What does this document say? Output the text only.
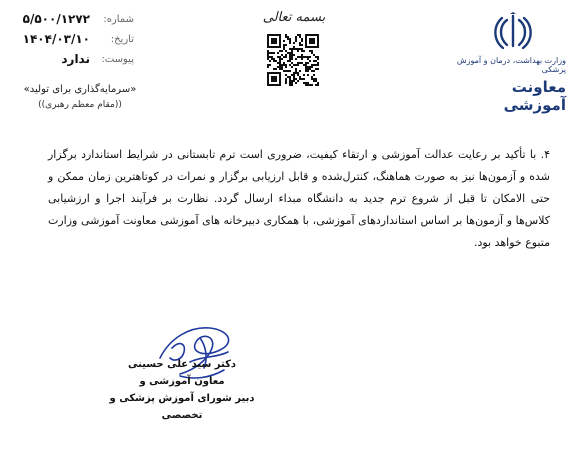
شماره:
۵/۵۰۰/۱۲۷۲
تاریخ:
۱۴۰۴/۰۳/۱۰
پیوست:
ندارد
«سرمایه‌گذاری برای تولید»
((مقام معظم رهبری))
بسمه تعالی
وزارت بهداشت، درمان و آموزش پزشکی
معاونت آموزشی
۴. با تأکید بر رعایت عدالت آموزشی و ارتقاء کیفیت، ضروری است ترم تابستانی در شرایط استاندارد برگزار شده و آزمون‌ها نیز به صورت هماهنگ، کنترل‌شده و قابل ارزیابی برگزار و نمرات در کوتاهترین زمان ممکن و حتی الامکان تا قبل از شروع ترم جدید به دانشگاه مبداء ارسال گردد. نظارت بر فرآیند اجرا و ارزشیابی کلاس‌ها و آزمون‌ها بر اساس استانداردهای آموزشی، با همکاری دبیرخانه های آموزشی معاونت آموزشی وزارت متبوع خواهد بود.
دکتر سید علی حسینی
معاون آموزشی و
دبیر شورای آموزش پزشکی و تخصصی
